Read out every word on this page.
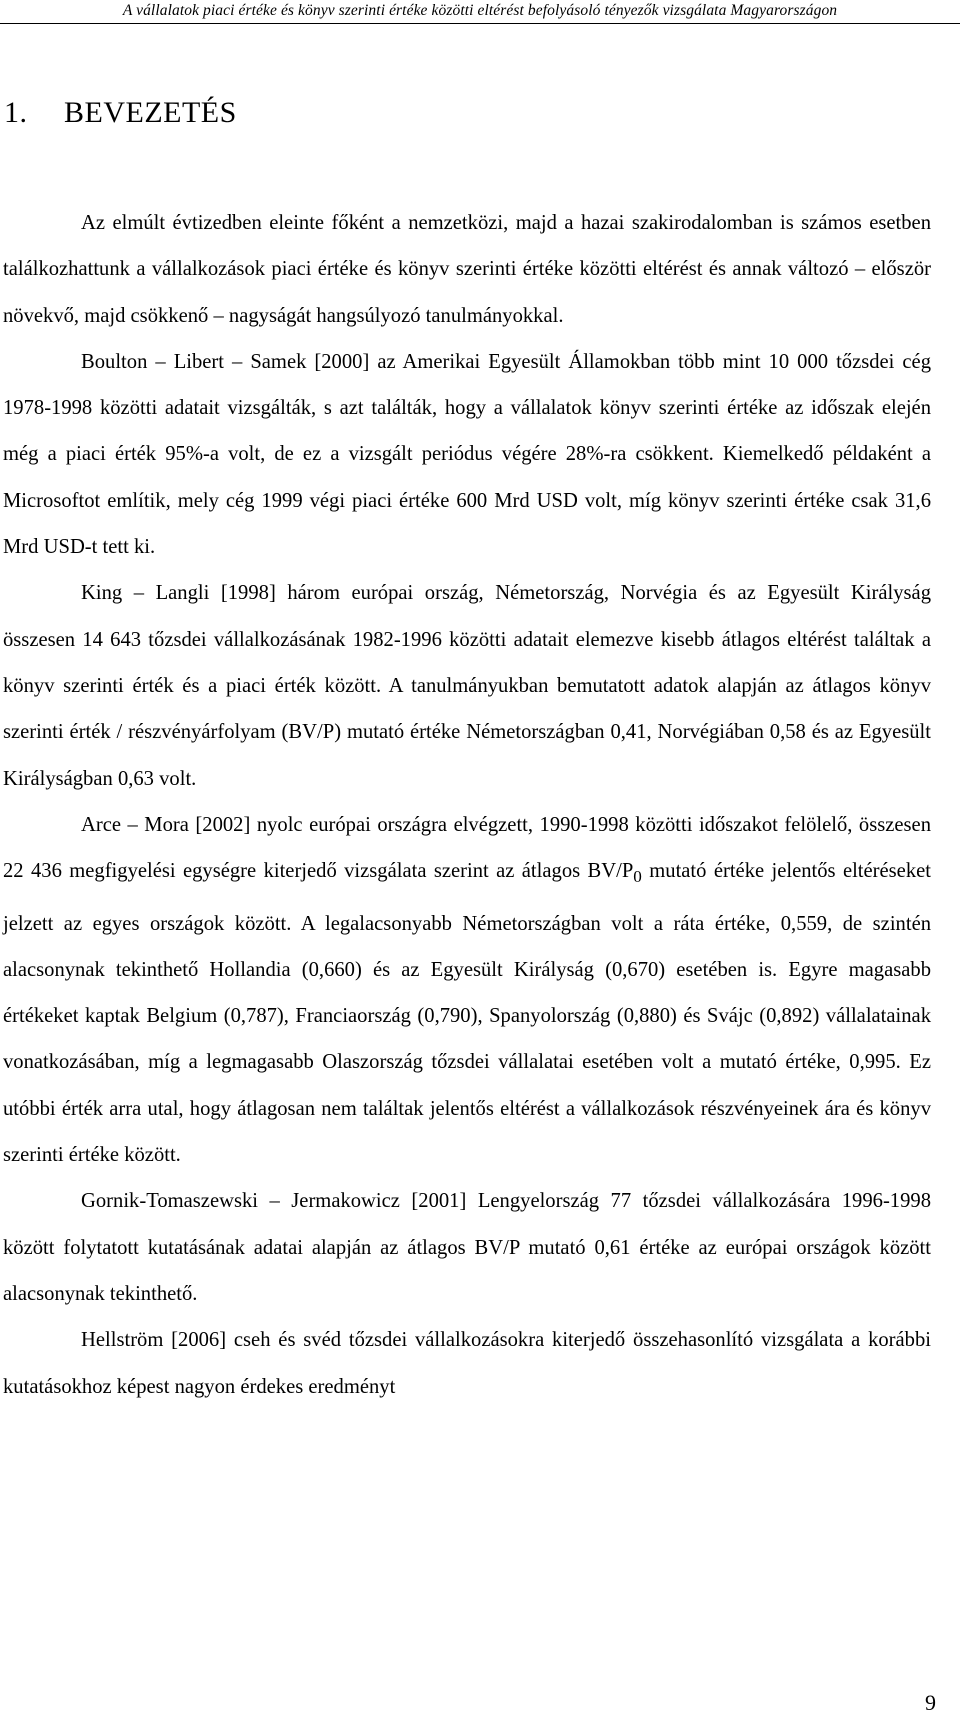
A vállalatok piaci értéke és könyv szerinti értéke közötti eltérést befolyásoló tényezők vizsgálata Magyarországon
1. BEVEZETÉS

Az elmúlt évtizedben eleinte főként a nemzetközi, majd a hazai szakirodalomban is számos esetben találkozhattunk a vállalkozások piaci értéke és könyv szerinti értéke közötti eltérést és annak változó – először növekvő, majd csökkenő – nagyságát hangsúlyozó tanulmányokkal.

Boulton – Libert – Samek [2000] az Amerikai Egyesült Államokban több mint 10 000 tőzsdei cég 1978-1998 közötti adatait vizsgálták, s azt találták, hogy a vállalatok könyv szerinti értéke az időszak elején még a piaci érték 95%-a volt, de ez a vizsgált periódus végére 28%-ra csökkent. Kiemelkedő példaként a Microsoftot említik, mely cég 1999 végi piaci értéke 600 Mrd USD volt, míg könyv szerinti értéke csak 31,6 Mrd USD-t tett ki.

King – Langli [1998] három európai ország, Németország, Norvégia és az Egyesült Királyság összesen 14 643 tőzsdei vállalkozásának 1982-1996 közötti adatait elemezve kisebb átlagos eltérést találtak a könyv szerinti érték és a piaci érték között. A tanulmányukban bemutatott adatok alapján az átlagos könyv szerinti érték / részvényárfolyam (BV/P) mutató értéke Németországban 0,41, Norvégiában 0,58 és az Egyesült Királyságban 0,63 volt.

Arce – Mora [2002] nyolc európai országra elvégzett, 1990-1998 közötti időszakot felölelő, összesen 22 436 megfigyelési egységre kiterjedő vizsgálata szerint az átlagos $BV/P_0$ mutató értéke jelentős eltéréseket jelzett az egyes országok között. A legalacsonyabb Németországban volt a ráta értéke, 0,559, de szintén alacsonynak tekinthető Hollandia (0,660) és az Egyesült Királyság (0,670) esetében is. Egyre magasabb értékeket kaptak Belgium (0,787), Franciaország (0,790), Spanyolország (0,880) és Svájc (0,892) vállalatainak vonatkozásában, míg a legmagasabb Olaszország tőzsdei vállalatai esetében volt a mutató értéke, 0,995. Ez utóbbi érték arra utal, hogy átlagosan nem találtak jelentős eltérést a vállalkozások részvényeinek ára és könyv szerinti értéke között.

Gornik-Tomaszewski – Jermakowicz [2001] Lengyelország 77 tőzsdei vállalkozására 1996-1998 között folytatott kutatásának adatai alapján az átlagos BV/P mutató 0,61 értéke az európai országok között alacsonynak tekinthető.

Hellström [2006] cseh és svéd tőzsdei vállalkozásokra kiterjedő összehasonlító vizsgálata a korábbi kutatásokhoz képest nagyon érdekes eredményt

9
